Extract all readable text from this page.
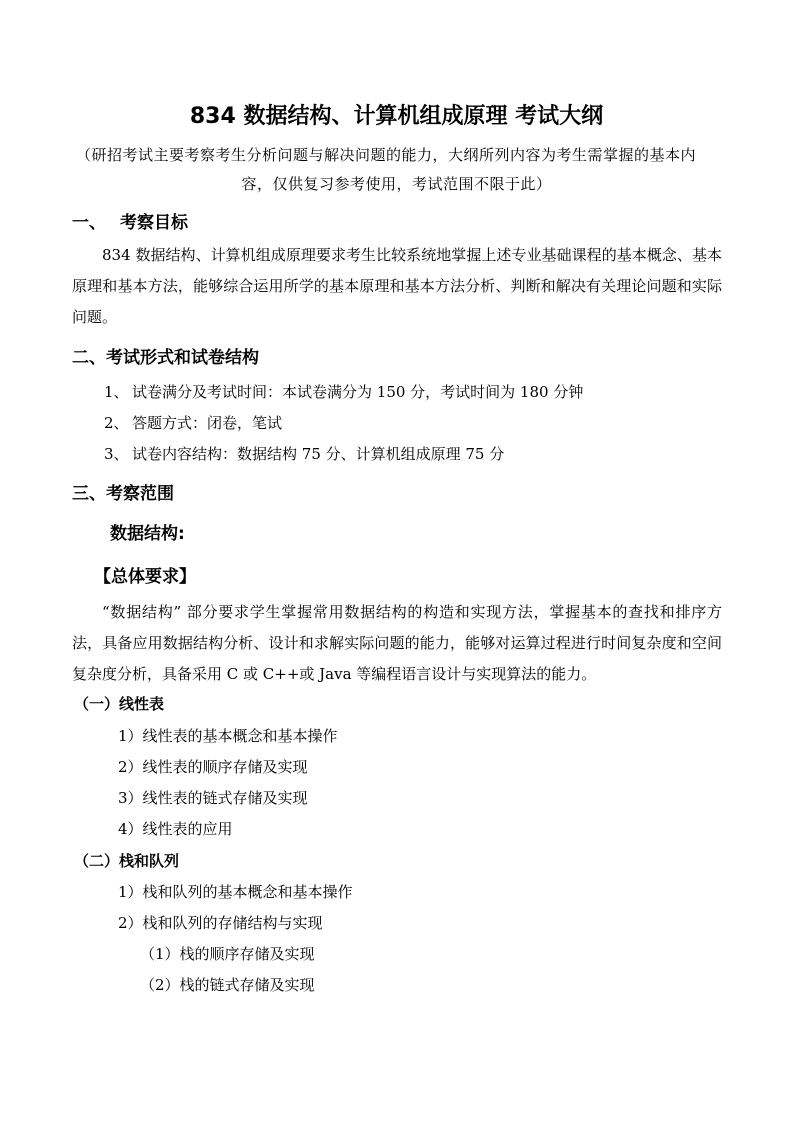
834 数据结构、计算机组成原理 考试大纲
（研招考试主要考察考生分析问题与解决问题的能力，大纲所列内容为考生需掌握的基本内
容，仅供复习参考使用，考试范围不限于此）
一、 考察目标
834 数据结构、计算机组成原理要求考生比较系统地掌握上述专业基础课程的基本概念、基本原理和基本方法，能够综合运用所学的基本原理和基本方法分析、判断和解决有关理论问题和实际问题。
二、考试形式和试卷结构
1、 试卷满分及考试时间：本试卷满分为 150 分，考试时间为 180 分钟
2、 答题方式：闭卷，笔试
3、 试卷内容结构：数据结构 75 分、计算机组成原理 75 分
三、考察范围
数据结构:
【总体要求】
“数据结构” 部分要求学生掌握常用数据结构的构造和实现方法，掌握基本的查找和排序方法，具备应用数据结构分析、设计和求解实际问题的能力，能够对运算过程进行时间复杂度和空间复杂度分析，具备采用 C 或 C++或 Java 等编程语言设计与实现算法的能力。
（一）线性表
1）线性表的基本概念和基本操作
2）线性表的顺序存储及实现
3）线性表的链式存储及实现
4）线性表的应用
（二）栈和队列
1）栈和队列的基本概念和基本操作
2）栈和队列的存储结构与实现
（1）栈的顺序存储及实现
（2）栈的链式存储及实现
